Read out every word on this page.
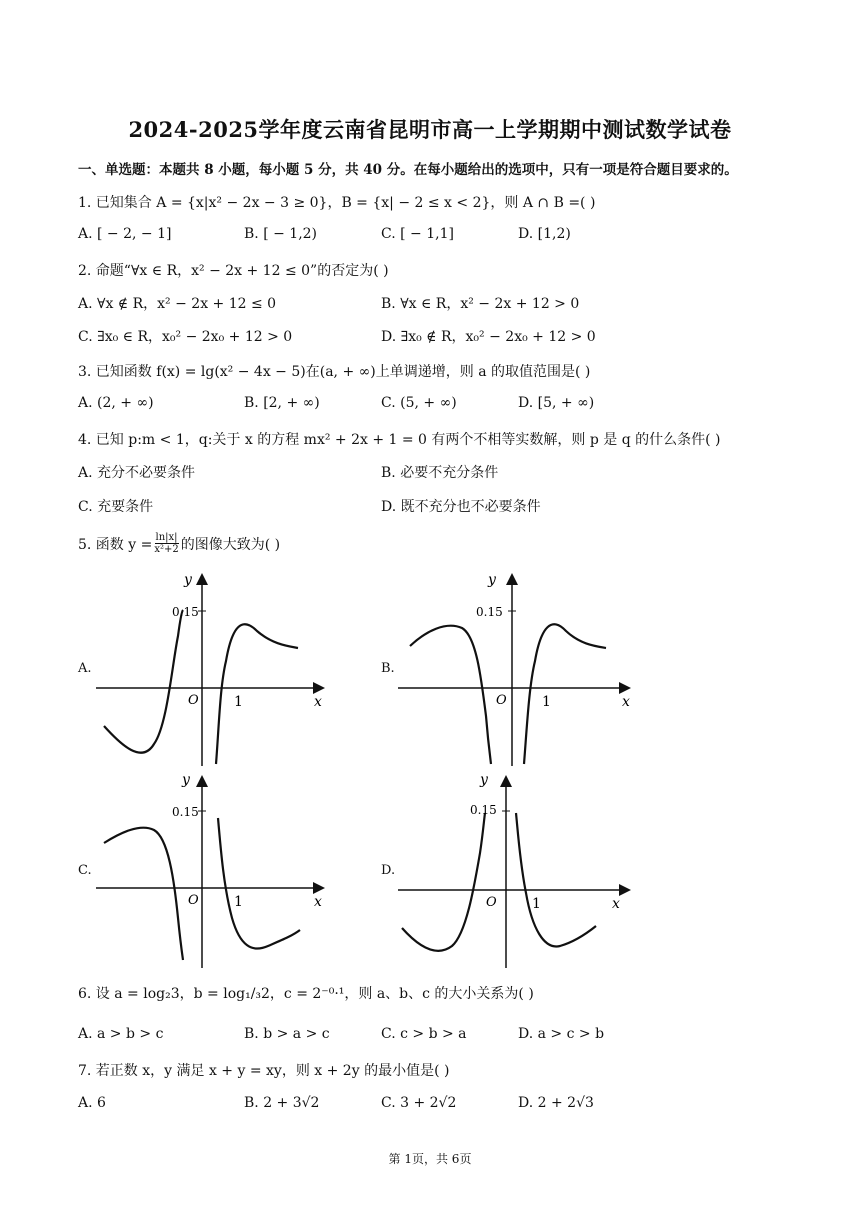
2024-2025学年度云南省昆明市高一上学期期中测试数学试卷
一、单选题：本题共 8 小题，每小题 5 分，共 40 分。在每小题给出的选项中，只有一项是符合题目要求的。
1. 已知集合 A = {x|x² − 2x − 3 ≥ 0}，B = {x| − 2 ≤ x < 2}，则 A ∩ B =( )
A. [ − 2, − 1]	B. [ − 1,2)	C. [ − 1,1]	D. [1,2)
2. 命题“∀x ∈ R，x² − 2x + 12 ≤ 0”的否定为( )
A. ∀x ∉ R，x² − 2x + 12 ≤ 0	B. ∀x ∈ R，x² − 2x + 12 > 0
C. ∃x₀ ∈ R，x₀² − 2x₀ + 12 > 0	D. ∃x₀ ∉ R，x₀² − 2x₀ + 12 > 0
3. 已知函数 f(x) = lg(x² − 4x − 5)在(a, + ∞)上单调递增，则 a 的取值范围是( )
A. (2, + ∞)	B. [2, + ∞)	C. (5, + ∞)	D. [5, + ∞)
4. 已知 p:m < 1，q:关于 x 的方程 mx² + 2x + 1 = 0 有两个不相等实数解，则 p 是 q 的什么条件( )
A. 充分不必要条件	B. 必要不充分条件
C. 充要条件	D. 既不充分也不必要条件
5. 函数 $y = \frac{\ln|x|}{\text{x²+2}}$ 的图像大致为( )
A.	B.
C.	D.
y
x
O	1
0.15
y
x
O	1
0.15
y
x
O	1
0.15
y
x
O	1
0.15
6. 设 a = log₂3，b = log₁/₃2，c = 2⁻⁰·¹，则 a、b、c 的大小关系为( )
A. a > b > c	B. b > a > c	C. c > b > a	D. a > c > b
7. 若正数 x，y 满足 x + y = xy，则 x + 2y 的最小值是( )
A. 6	B. 2 + 3√2	C. 3 + 2√2	D. 2 + 2√3
第 1页，共 6页
